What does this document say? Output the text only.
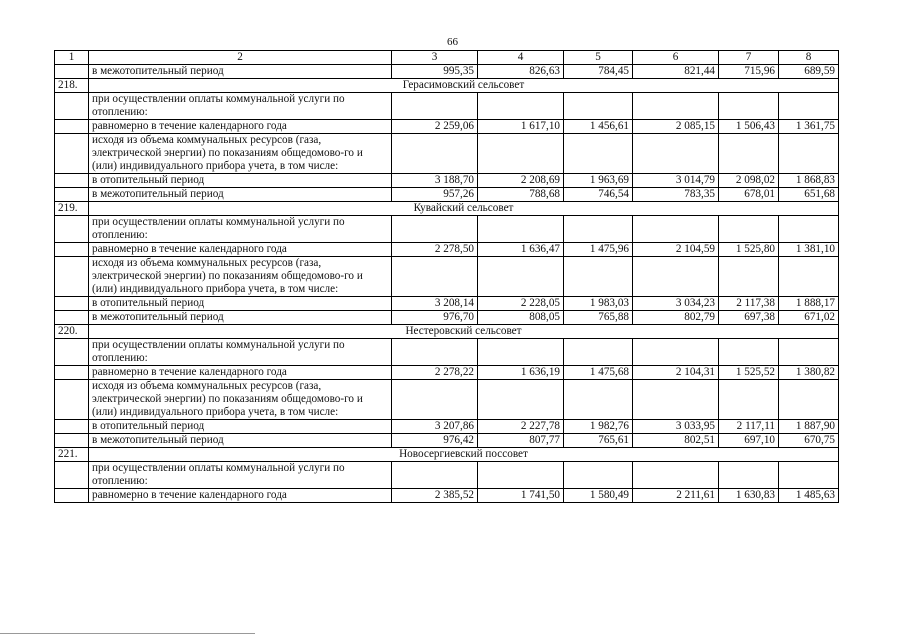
66
1	2	3	4	5	6	7	8
	в межотопительный период	995,35	826,63	784,45	821,44	715,96	689,59
218.	Герасимовский сельсовет						
	при осуществлении оплаты коммунальной услуги по отоплению:						
	равномерно в течение календарного года	2 259,06	1 617,10	1 456,61	2 085,15	1 506,43	1 361,75
	исходя из объема коммунальных ресурсов (газа, электрической энергии) по показаниям общедомово-го и (или) индивидуального прибора учета, в том числе:						
	в отопительный период	3 188,70	2 208,69	1 963,69	3 014,79	2 098,02	1 868,83
	в межотопительный период	957,26	788,68	746,54	783,35	678,01	651,68
219.	Кувайский сельсовет						
	при осуществлении оплаты коммунальной услуги по отоплению:						
	равномерно в течение календарного года	2 278,50	1 636,47	1 475,96	2 104,59	1 525,80	1 381,10
	исходя из объема коммунальных ресурсов (газа, электрической энергии) по показаниям общедомово-го и (или) индивидуального прибора учета, в том числе:						
	в отопительный период	3 208,14	2 228,05	1 983,03	3 034,23	2 117,38	1 888,17
	в межотопительный период	976,70	808,05	765,88	802,79	697,38	671,02
220.	Нестеровский сельсовет						
	при осуществлении оплаты коммунальной услуги по отоплению:						
	равномерно в течение календарного года	2 278,22	1 636,19	1 475,68	2 104,31	1 525,52	1 380,82
	исходя из объема коммунальных ресурсов (газа, электрической энергии) по показаниям общедомово-го и (или) индивидуального прибора учета, в том числе:						
	в отопительный период	3 207,86	2 227,78	1 982,76	3 033,95	2 117,11	1 887,90
	в межотопительный период	976,42	807,77	765,61	802,51	697,10	670,75
221.	Новосергиевский поссовет						
	при осуществлении оплаты коммунальной услуги по отоплению:						
	равномерно в течение календарного года	2 385,52	1 741,50	1 580,49	2 211,61	1 630,83	1 485,63
